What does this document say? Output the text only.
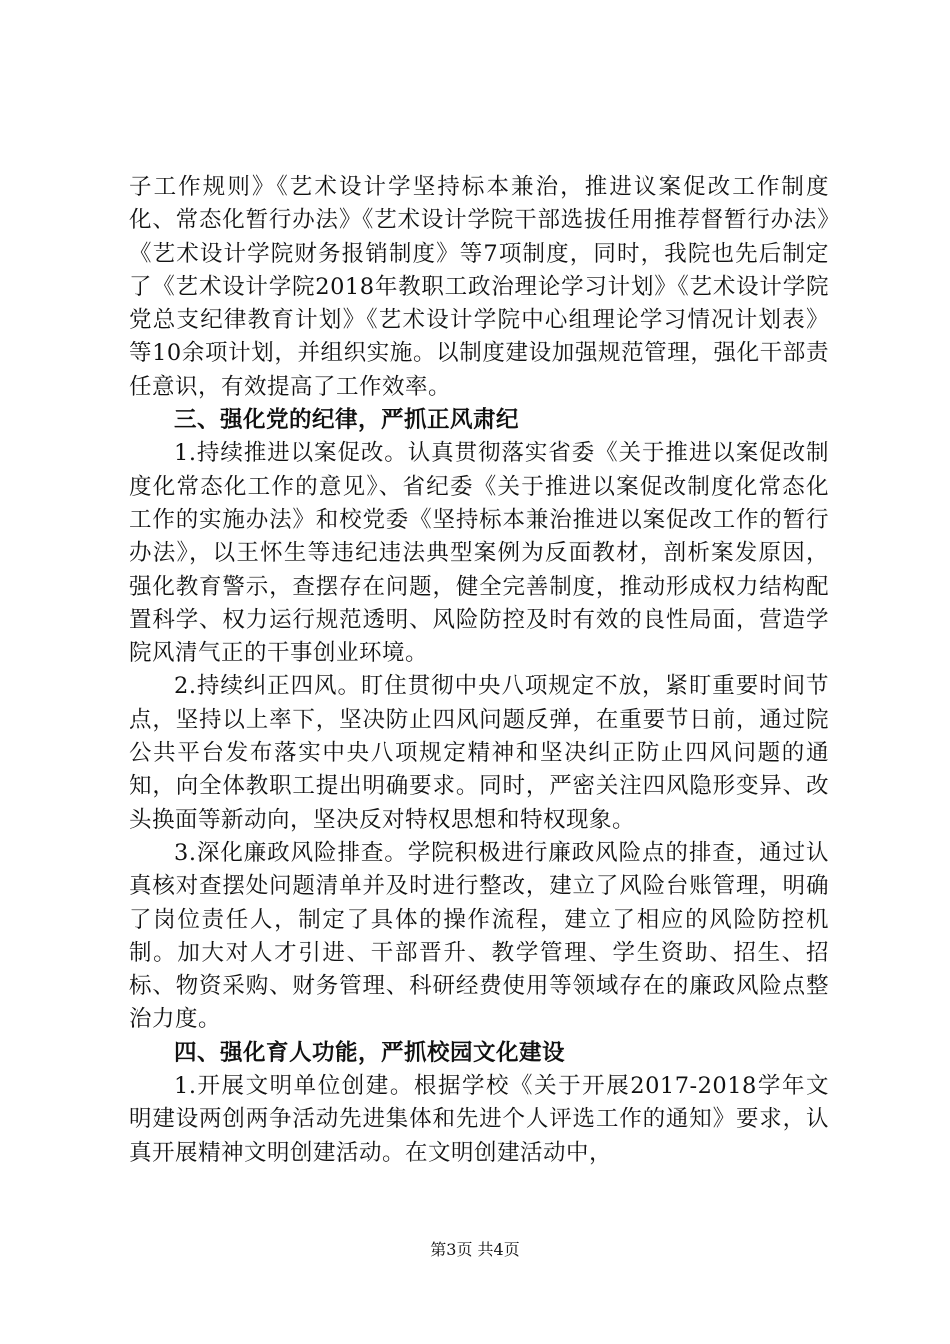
子工作规则》《艺术设计学坚持标本兼治，推进议案促改工作制度化、常态化暂行办法》《艺术设计学院干部选拔任用推荐督暂行办法》《艺术设计学院财务报销制度》等7项制度，同时，我院也先后制定了《艺术设计学院2018年教职工政治理论学习计划》《艺术设计学院党总支纪律教育计划》《艺术设计学院中心组理论学习情况计划表》等10余项计划，并组织实施。以制度建设加强规范管理，强化干部责任意识，有效提高了工作效率。

三、强化党的纪律，严抓正风肃纪

1.持续推进以案促改。认真贯彻落实省委《关于推进以案促改制度化常态化工作的意见》、省纪委《关于推进以案促改制度化常态化工作的实施办法》和校党委《坚持标本兼治推进以案促改工作的暂行办法》，以王怀生等违纪违法典型案例为反面教材，剖析案发原因，强化教育警示，查摆存在问题，健全完善制度，推动形成权力结构配置科学、权力运行规范透明、风险防控及时有效的良性局面，营造学院风清气正的干事创业环境。

2.持续纠正四风。盯住贯彻中央八项规定不放，紧盯重要时间节点，坚持以上率下，坚决防止四风问题反弹，在重要节日前，通过院公共平台发布落实中央八项规定精神和坚决纠正防止四风问题的通知，向全体教职工提出明确要求。同时，严密关注四风隐形变异、改头换面等新动向，坚决反对特权思想和特权现象。

3.深化廉政风险排查。学院积极进行廉政风险点的排查，通过认真核对查摆处问题清单并及时进行整改，建立了风险台账管理，明确了岗位责任人，制定了具体的操作流程，建立了相应的风险防控机制。加大对人才引进、干部晋升、教学管理、学生资助、招生、招标、物资采购、财务管理、科研经费使用等领域存在的廉政风险点整治力度。

四、强化育人功能，严抓校园文化建设

1.开展文明单位创建。根据学校《关于开展2017-2018学年文明建设两创两争活动先进集体和先进个人评选工作的通知》要求，认真开展精神文明创建活动。在文明创建活动中，

第3页 共4页
